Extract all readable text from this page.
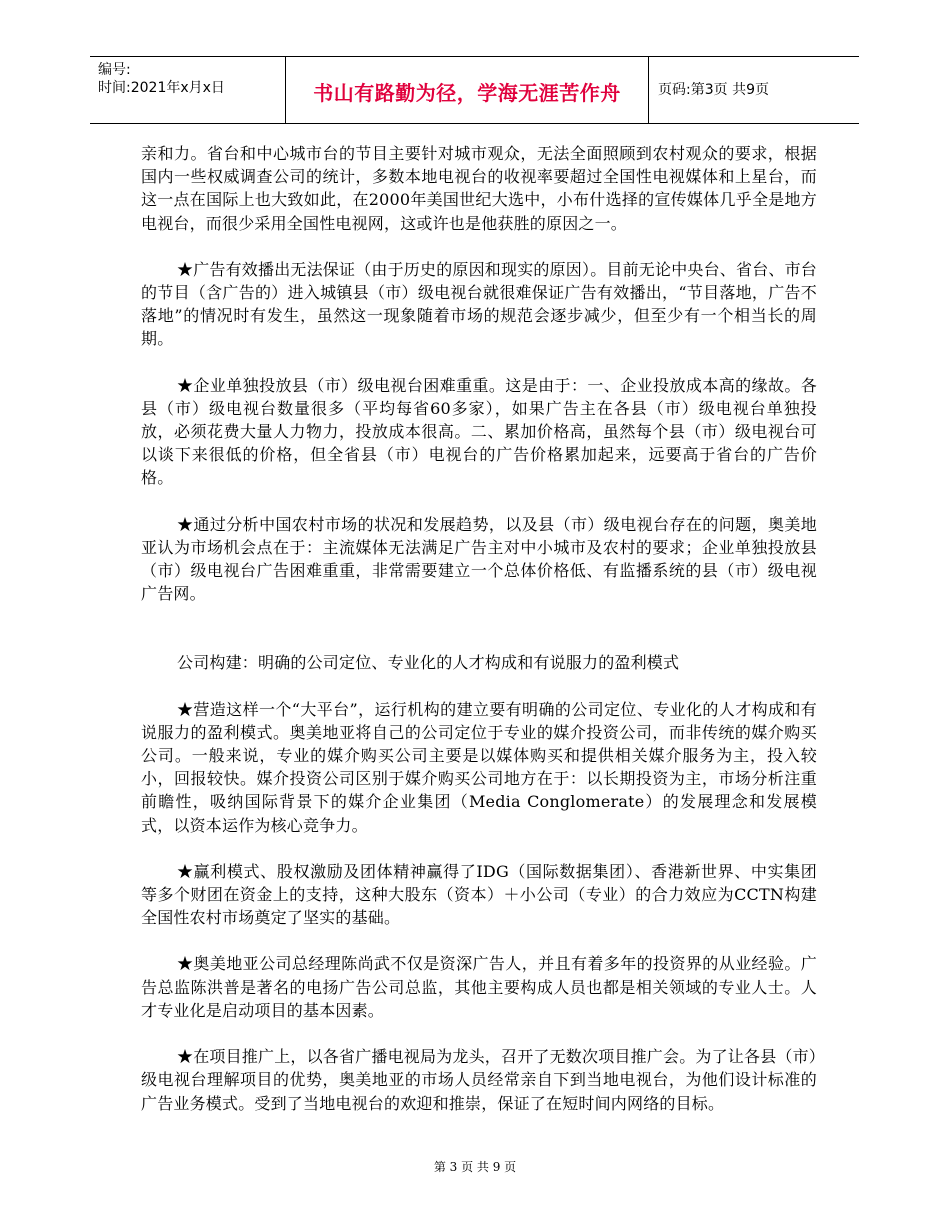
编号:
时间:2021年x月x日	书山有路勤为径，学海无涯苦作舟	页码:第3页 共9页

亲和力。省台和中心城市台的节目主要针对城市观众，无法全面照顾到农村观众的要求，根据国内一些权威调查公司的统计，多数本地电视台的收视率要超过全国性电视媒体和上星台，而这一点在国际上也大致如此，在2000年美国世纪大选中，小布什选择的宣传媒体几乎全是地方电视台，而很少采用全国性电视网，这或许也是他获胜的原因之一。

★广告有效播出无法保证（由于历史的原因和现实的原因）。目前无论中央台、省台、市台的节目（含广告的）进入城镇县（市）级电视台就很难保证广告有效播出，“节目落地，广告不落地”的情况时有发生，虽然这一现象随着市场的规范会逐步减少，但至少有一个相当长的周期。

★企业单独投放县（市）级电视台困难重重。这是由于：一、企业投放成本高的缘故。各县（市）级电视台数量很多（平均每省60多家），如果广告主在各县（市）级电视台单独投放，必须花费大量人力物力，投放成本很高。二、累加价格高，虽然每个县（市）级电视台可以谈下来很低的价格，但全省县（市）电视台的广告价格累加起来，远要高于省台的广告价格。

★通过分析中国农村市场的状况和发展趋势，以及县（市）级电视台存在的问题，奥美地亚认为市场机会点在于：主流媒体无法满足广告主对中小城市及农村的要求；企业单独投放县（市）级电视台广告困难重重，非常需要建立一个总体价格低、有监播系统的县（市）级电视广告网。

公司构建：明确的公司定位、专业化的人才构成和有说服力的盈利模式

★营造这样一个“大平台”，运行机构的建立要有明确的公司定位、专业化的人才构成和有说服力的盈利模式。奥美地亚将自己的公司定位于专业的媒介投资公司，而非传统的媒介购买公司。一般来说，专业的媒介购买公司主要是以媒体购买和提供相关媒介服务为主，投入较小，回报较快。媒介投资公司区别于媒介购买公司地方在于：以长期投资为主，市场分析注重前瞻性，吸纳国际背景下的媒介企业集团（Media Conglomerate）的发展理念和发展模式，以资本运作为核心竞争力。

★赢利模式、股权激励及团体精神赢得了IDG（国际数据集团）、香港新世界、中实集团等多个财团在资金上的支持，这种大股东（资本）＋小公司（专业）的合力效应为CCTN构建全国性农村市场奠定了坚实的基础。

★奥美地亚公司总经理陈尚武不仅是资深广告人，并且有着多年的投资界的从业经验。广告总监陈洪普是著名的电扬广告公司总监，其他主要构成人员也都是相关领域的专业人士。人才专业化是启动项目的基本因素。

★在项目推广上，以各省广播电视局为龙头，召开了无数次项目推广会。为了让各县（市）级电视台理解项目的优势，奥美地亚的市场人员经常亲自下到当地电视台，为他们设计标准的广告业务模式。受到了当地电视台的欢迎和推崇，保证了在短时间内网络的目标。

第 3 页 共 9 页
